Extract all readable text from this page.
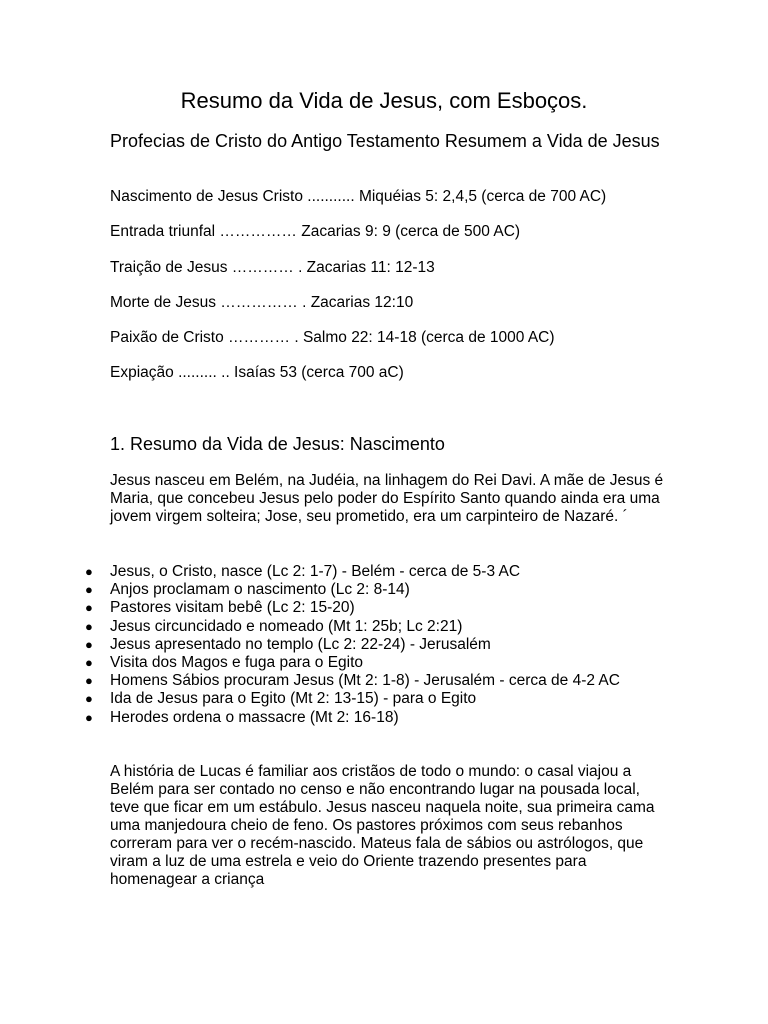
Resumo da Vida de Jesus, com Esboços.
Profecias de Cristo do Antigo Testamento Resumem a Vida de Jesus
Nascimento de Jesus Cristo ........... Miquéias 5: 2,4,5 (cerca de 700 AC)
Entrada triunfal …………… Zacarias 9: 9 (cerca de 500 AC)
Traição de Jesus ………… . Zacarias 11: 12-13
Morte de Jesus …………… . Zacarias 12:10
Paixão de Cristo ………… . Salmo 22: 14-18 (cerca de 1000 AC)
Expiação ......... .. Isaías 53 (cerca 700 aC)
1. Resumo da Vida de Jesus: Nascimento

Jesus nasceu em Belém, na Judéia, na linhagem do Rei Davi. A mãe de Jesus é Maria, que concebeu Jesus pelo poder do Espírito Santo quando ainda era uma jovem virgem solteira; Jose, seu prometido, era um carpinteiro de Nazaré. ´

● Jesus, o Cristo, nasce (Lc 2: 1-7) - Belém - cerca de 5-3 AC
● Anjos proclamam o nascimento (Lc 2: 8-14)
● Pastores visitam bebê (Lc 2: 15-20)
● Jesus circuncidado e nomeado (Mt 1: 25b; Lc 2:21)
● Jesus apresentado no templo (Lc 2: 22-24) - Jerusalém
● Visita dos Magos e fuga para o Egito
● Homens Sábios procuram Jesus (Mt 2: 1-8) - Jerusalém - cerca de 4-2 AC
● Ida de Jesus para o Egito (Mt 2: 13-15) - para o Egito
● Herodes ordena o massacre (Mt 2: 16-18)

A história de Lucas é familiar aos cristãos de todo o mundo: o casal viajou a Belém para ser contado no censo e não encontrando lugar na pousada local, teve que ficar em um estábulo. Jesus nasceu naquela noite, sua primeira cama uma manjedoura cheio de feno. Os pastores próximos com seus rebanhos correram para ver o recém-nascido. Mateus fala de sábios ou astrólogos, que viram a luz de uma estrela e veio do Oriente trazendo presentes para homenagear a criança
